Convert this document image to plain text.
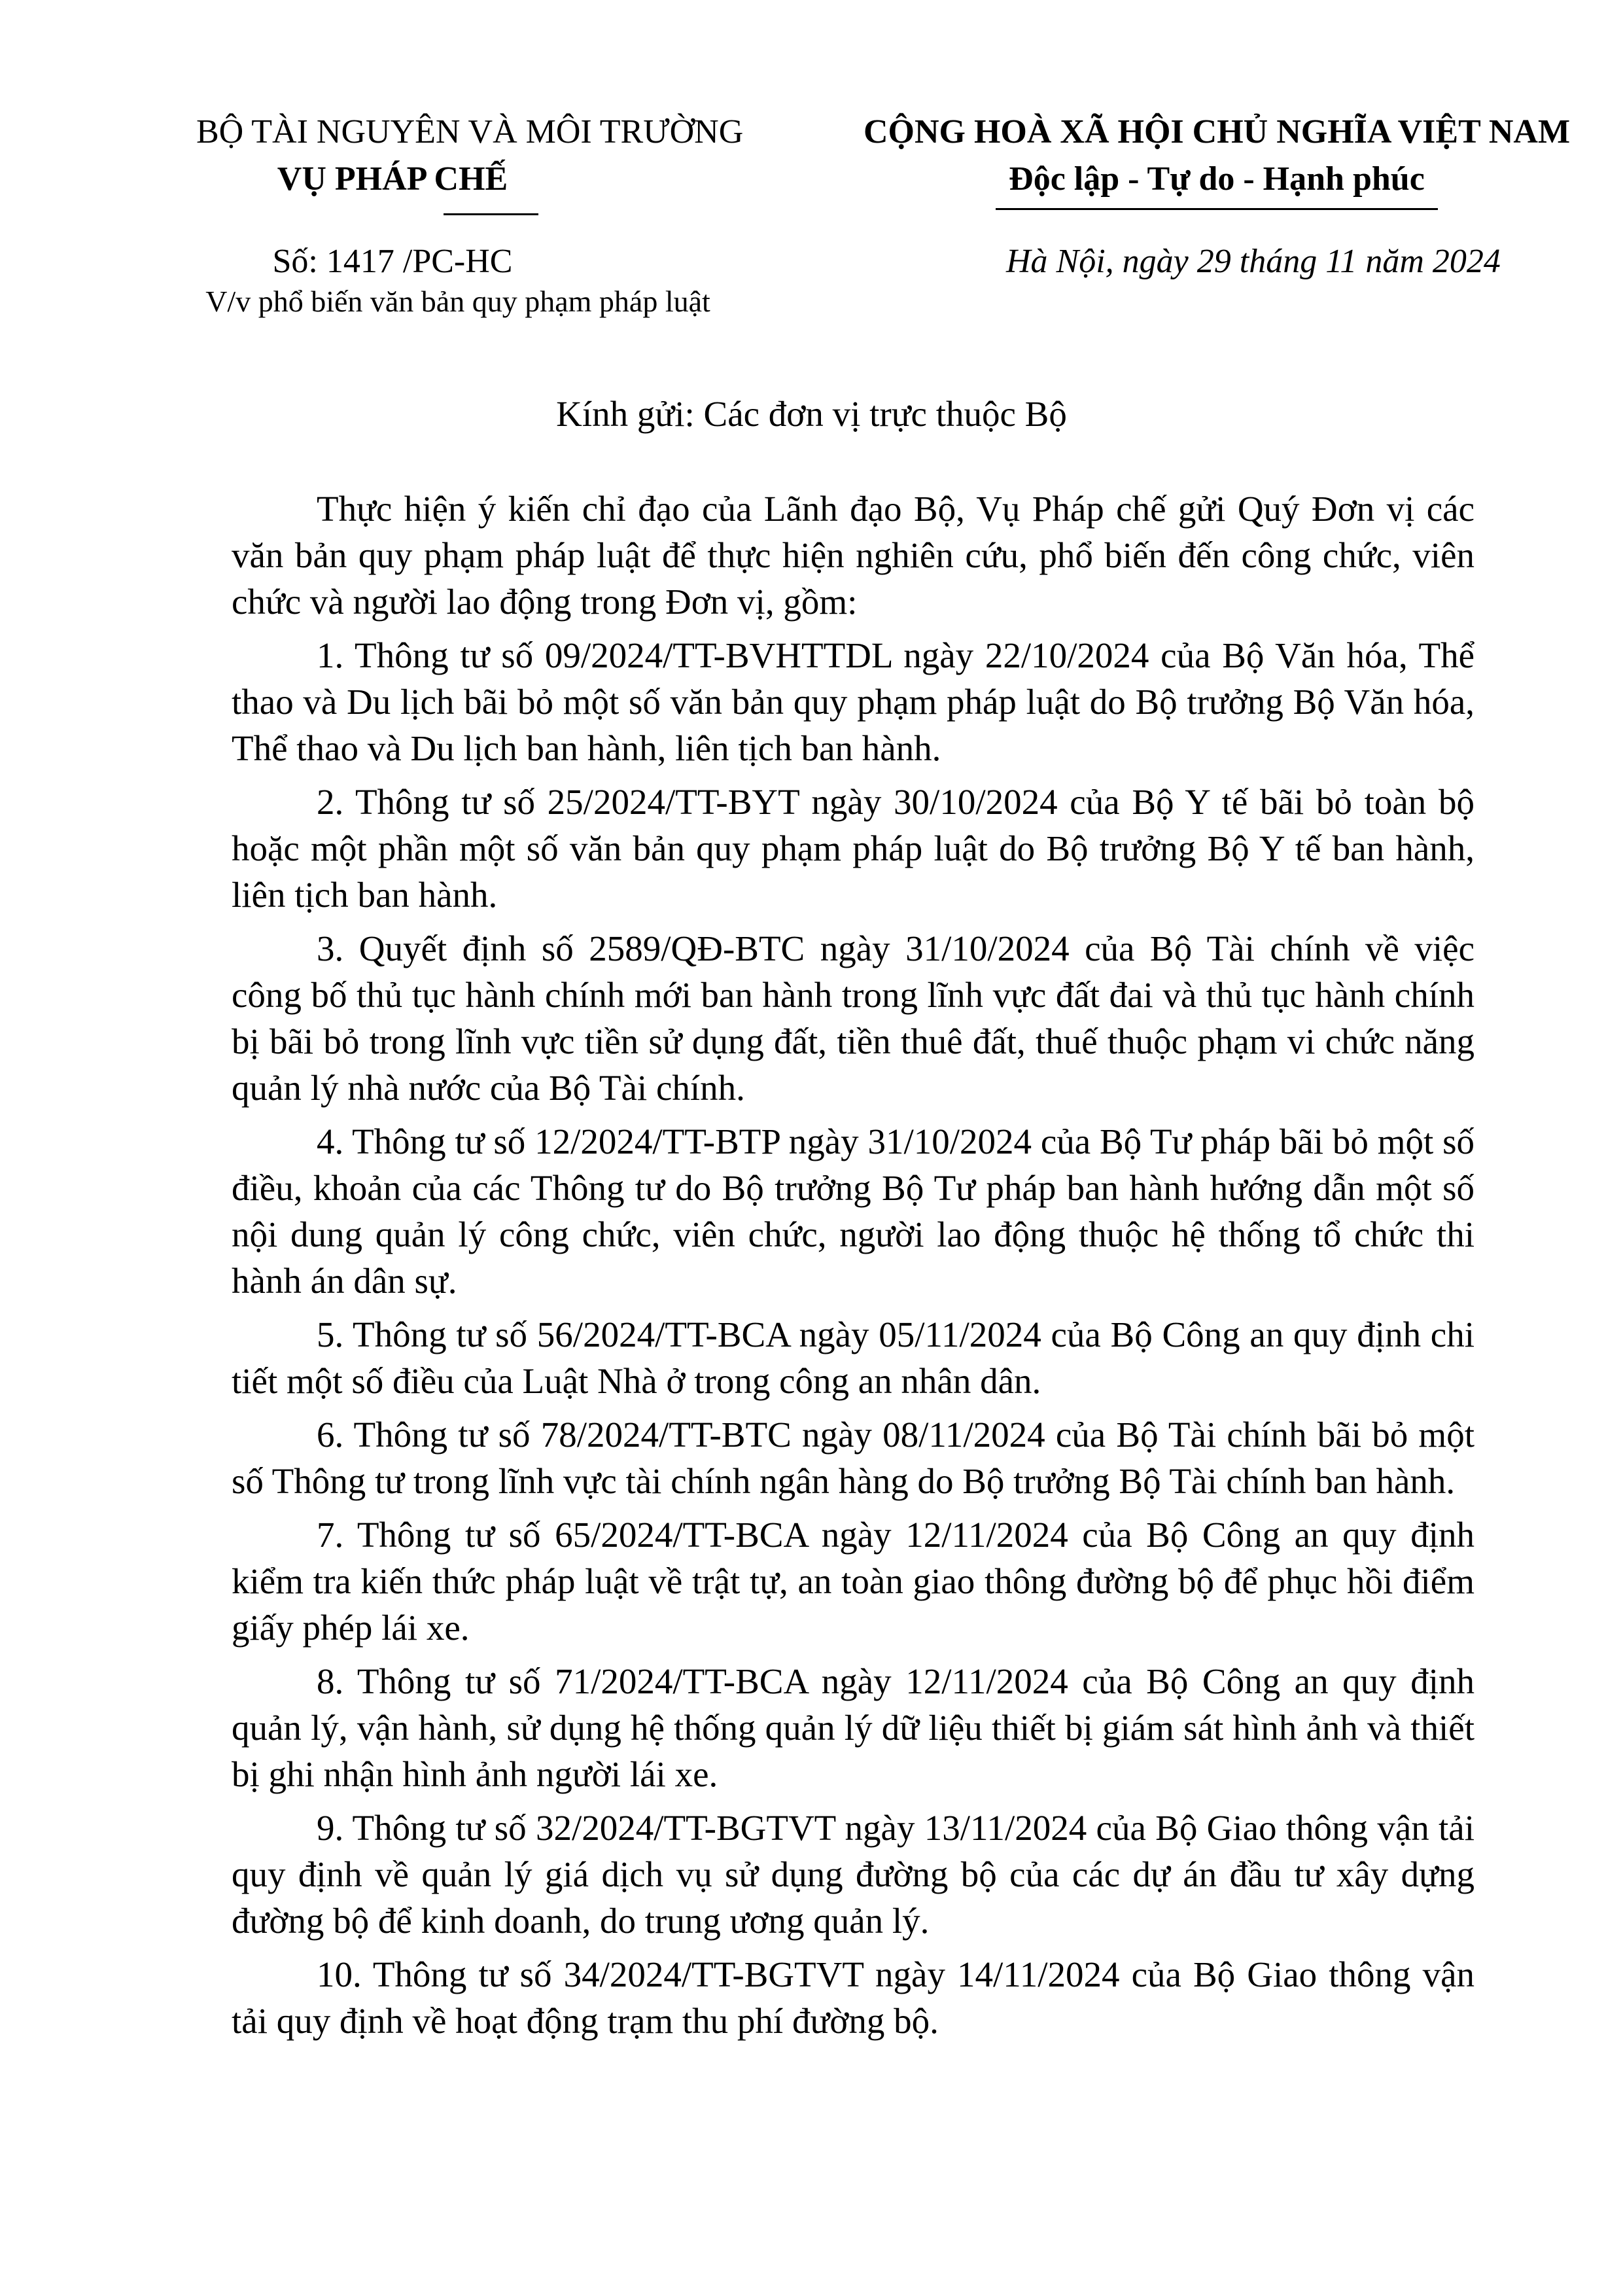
BỘ TÀI NGUYÊN VÀ MÔI TRƯỜNG
VỤ PHÁP CHẾ
Số: 1417 /PC-HC
V/v phổ biến văn bản quy phạm pháp luật
CỘNG HOÀ XÃ HỘI CHỦ NGHĨA VIỆT NAM
Độc lập - Tự do - Hạnh phúc
Hà Nội, ngày 29 tháng 11 năm 2024
Kính gửi: Các đơn vị trực thuộc Bộ

Thực hiện ý kiến chỉ đạo của Lãnh đạo Bộ, Vụ Pháp chế gửi Quý Đơn vị các văn bản quy phạm pháp luật để thực hiện nghiên cứu, phổ biến đến công chức, viên chức và người lao động trong Đơn vị, gồm:

1. Thông tư số 09/2024/TT-BVHTTDL ngày 22/10/2024 của Bộ Văn hóa, Thể thao và Du lịch bãi bỏ một số văn bản quy phạm pháp luật do Bộ trưởng Bộ Văn hóa, Thể thao và Du lịch ban hành, liên tịch ban hành.

2. Thông tư số 25/2024/TT-BYT ngày 30/10/2024 của Bộ Y tế bãi bỏ toàn bộ hoặc một phần một số văn bản quy phạm pháp luật do Bộ trưởng Bộ Y tế ban hành, liên tịch ban hành.

3. Quyết định số 2589/QĐ-BTC ngày 31/10/2024 của Bộ Tài chính về việc công bố thủ tục hành chính mới ban hành trong lĩnh vực đất đai và thủ tục hành chính bị bãi bỏ trong lĩnh vực tiền sử dụng đất, tiền thuê đất, thuế thuộc phạm vi chức năng quản lý nhà nước của Bộ Tài chính.

4. Thông tư số 12/2024/TT-BTP ngày 31/10/2024 của Bộ Tư pháp bãi bỏ một số điều, khoản của các Thông tư do Bộ trưởng Bộ Tư pháp ban hành hướng dẫn một số nội dung quản lý công chức, viên chức, người lao động thuộc hệ thống tổ chức thi hành án dân sự.

5. Thông tư số 56/2024/TT-BCA ngày 05/11/2024 của Bộ Công an quy định chi tiết một số điều của Luật Nhà ở trong công an nhân dân.

6. Thông tư số 78/2024/TT-BTC ngày 08/11/2024 của Bộ Tài chính bãi bỏ một số Thông tư trong lĩnh vực tài chính ngân hàng do Bộ trưởng Bộ Tài chính ban hành.

7. Thông tư số 65/2024/TT-BCA ngày 12/11/2024 của Bộ Công an quy định kiểm tra kiến thức pháp luật về trật tự, an toàn giao thông đường bộ để phục hồi điểm giấy phép lái xe.

8. Thông tư số 71/2024/TT-BCA ngày 12/11/2024 của Bộ Công an quy định quản lý, vận hành, sử dụng hệ thống quản lý dữ liệu thiết bị giám sát hình ảnh và thiết bị ghi nhận hình ảnh người lái xe.

9. Thông tư số 32/2024/TT-BGTVT ngày 13/11/2024 của Bộ Giao thông vận tải quy định về quản lý giá dịch vụ sử dụng đường bộ của các dự án đầu tư xây dựng đường bộ để kinh doanh, do trung ương quản lý.

10. Thông tư số 34/2024/TT-BGTVT ngày 14/11/2024 của Bộ Giao thông vận tải quy định về hoạt động trạm thu phí đường bộ.
